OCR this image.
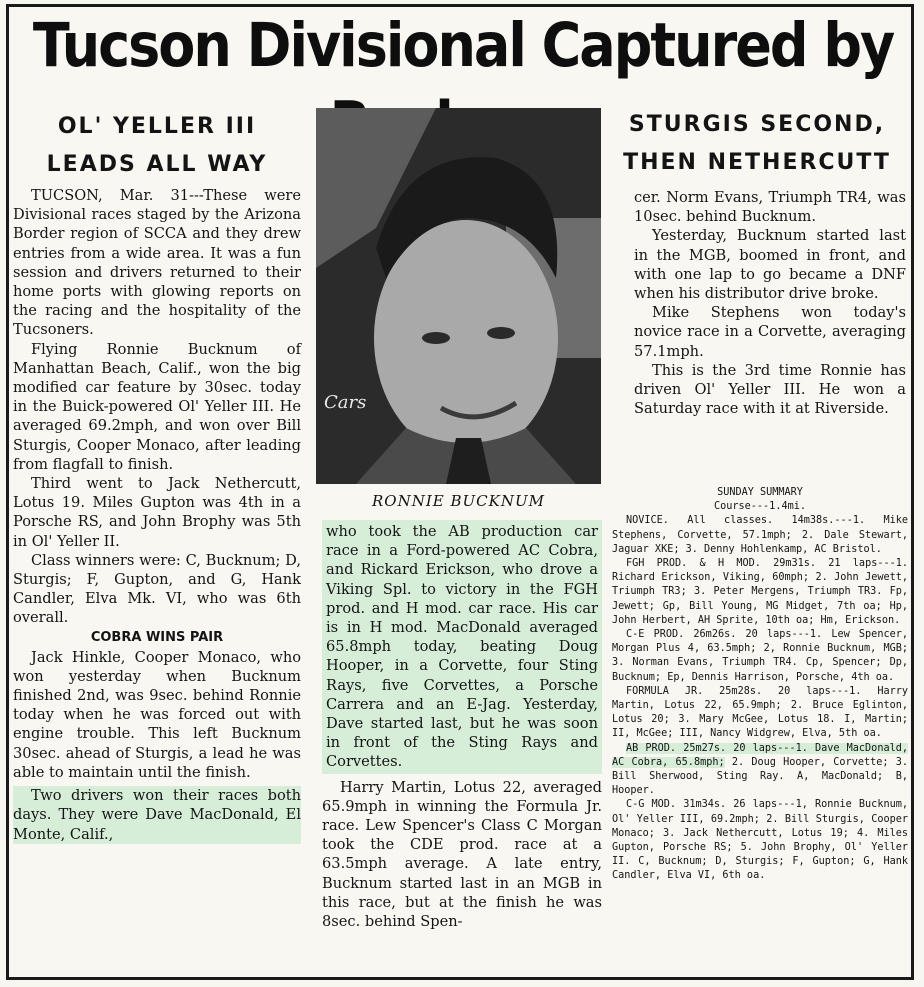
Tucson Divisional Captured by
OL' YELLER III
LEADS ALL WAY

TUCSON, Mar. 31---These were Divisional races staged by the Arizona Border region of SCCA and they drew entries from a wide area. It was a fun session and drivers returned to their home ports with glowing reports on the racing and the hospitality of the Tucsoners.

Flying Ronnie Bucknum of Manhattan Beach, Calif., won the big modified car feature by 30sec. today in the Buick-powered Ol' Yeller III. He averaged 69.2mph, and won over Bill Sturgis, Cooper Monaco, after leading from flagfall to finish.

Third went to Jack Nethercutt, Lotus 19. Miles Gupton was 4th in a Porsche RS, and John Brophy was 5th in Ol' Yeller II.

Class winners were: C, Bucknum; D, Sturgis; F, Gupton, and G, Hank Candler, Elva Mk. VI, who was 6th overall.

COBRA WINS PAIR

Jack Hinkle, Cooper Monaco, who won yesterday when Bucknum finished 2nd, was 9sec. behind Ronnie today when he was forced out with engine trouble. This left Bucknum 30sec. ahead of Sturgis, a lead he was able to maintain until the finish.

Two drivers won their races both days. They were Dave MacDonald, El Monte, Calif.,

Cars
RONNIE BUCKNUM

who took the AB production car race in a Ford-powered AC Cobra, and Rickard Erickson, who drove a Viking Spl. to victory in the FGH prod. and H mod. car race. His car is in H mod. MacDonald averaged 65.8mph today, beating Doug Hooper, in a Corvette, four Sting Rays, five Corvettes, a Porsche Carrera and an E-Jag. Yesterday, Dave started last, but he was soon in front of the Sting Rays and Corvettes.

Harry Martin, Lotus 22, averaged 65.9mph in winning the Formula Jr. race. Lew Spencer's Class C Morgan took the CDE prod. race at a 63.5mph average. A late entry, Bucknum started last in an MGB in this race, but at the finish he was 8sec. behind Spen-

STURGIS SECOND,
THEN NETHERCUTT

cer. Norm Evans, Triumph TR4, was 10sec. behind Bucknum.

Yesterday, Bucknum started last in the MGB, boomed in front, and with one lap to go became a DNF when his distributor drive broke.

Mike Stephens won today's novice race in a Corvette, averaging 57.1mph.

This is the 3rd time Ronnie has driven Ol' Yeller III. He won a Saturday race with it at Riverside.

SUNDAY SUMMARY

Course---1.4mi.

NOVICE. All classes. 14m38s.---1. Mike Stephens, Corvette, 57.1mph; 2. Dale Stewart, Jaguar XKE; 3. Denny Hohlenkamp, AC Bristol.

FGH PROD. & H MOD. 29m31s. 21 laps---1. Richard Erickson, Viking, 60mph; 2. John Jewett, Triumph TR3; 3. Peter Mergens, Triumph TR3. Fp, Jewett; Gp, Bill Young, MG Midget, 7th oa; Hp, John Herbert, AH Sprite, 10th oa; Hm, Erickson.

C-E PROD. 26m26s. 20 laps---1. Lew Spencer, Morgan Plus 4, 63.5mph; 2, Ronnie Bucknum, MGB; 3. Norman Evans, Triumph TR4. Cp, Spencer; Dp, Bucknum; Ep, Dennis Harrison, Porsche, 4th oa.

FORMULA JR. 25m28s. 20 laps---1. Harry Martin, Lotus 22, 65.9mph; 2. Bruce Eglinton, Lotus 20; 3. Mary McGee, Lotus 18. I, Martin; II, McGee; III, Nancy Widgrew, Elva, 5th oa.

AB PROD. 25m27s. 20 laps---1. Dave MacDonald, AC Cobra, 65.8mph; 2. Doug Hooper, Corvette; 3. Bill Sherwood, Sting Ray. A, MacDonald; B, Hooper.

C-G MOD. 31m34s. 26 laps---1, Ronnie Bucknum, Ol' Yeller III, 69.2mph; 2. Bill Sturgis, Cooper Monaco; 3. Jack Nethercutt, Lotus 19; 4. Miles Gupton, Porsche RS; 5. John Brophy, Ol' Yeller II. C, Bucknum; D, Sturgis; F, Gupton; G, Hank Candler, Elva VI, 6th oa.
